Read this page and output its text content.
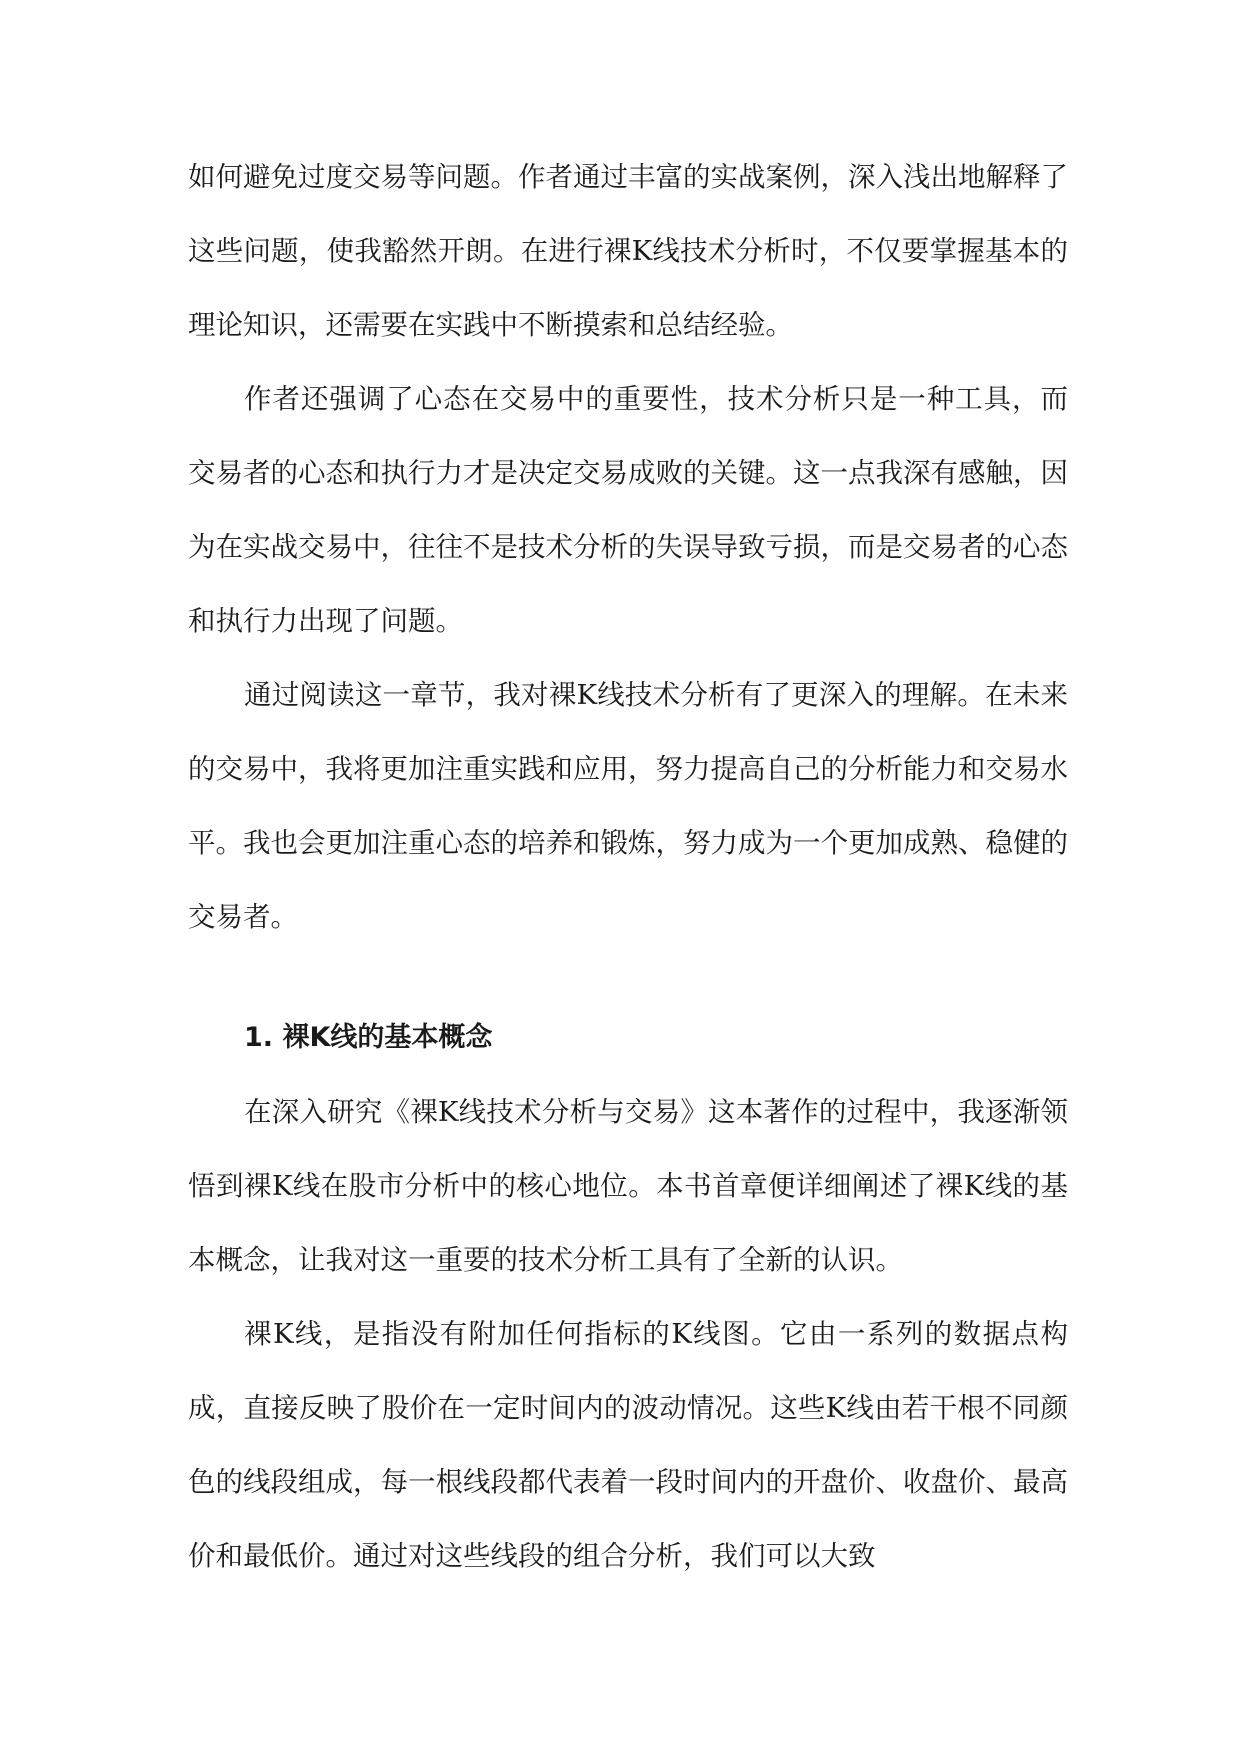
如何避免过度交易等问题。作者通过丰富的实战案例，深入浅出地解释了这些问题，使我豁然开朗。在进行裸K线技术分析时，不仅要掌握基本的理论知识，还需要在实践中不断摸索和总结经验。

作者还强调了心态在交易中的重要性，技术分析只是一种工具，而交易者的心态和执行力才是决定交易成败的关键。这一点我深有感触，因为在实战交易中，往往不是技术分析的失误导致亏损，而是交易者的心态和执行力出现了问题。

通过阅读这一章节，我对裸K线技术分析有了更深入的理解。在未来的交易中，我将更加注重实践和应用，努力提高自己的分析能力和交易水平。我也会更加注重心态的培养和锻炼，努力成为一个更加成熟、稳健的交易者。

1. 裸K线的基本概念

在深入研究《裸K线技术分析与交易》这本著作的过程中，我逐渐领悟到裸K线在股市分析中的核心地位。本书首章便详细阐述了裸K线的基本概念，让我对这一重要的技术分析工具有了全新的认识。

裸K线，是指没有附加任何指标的K线图。它由一系列的数据点构成，直接反映了股价在一定时间内的波动情况。这些K线由若干根不同颜色的线段组成，每一根线段都代表着一段时间内的开盘价、收盘价、最高价和最低价。通过对这些线段的组合分析，我们可以大致
